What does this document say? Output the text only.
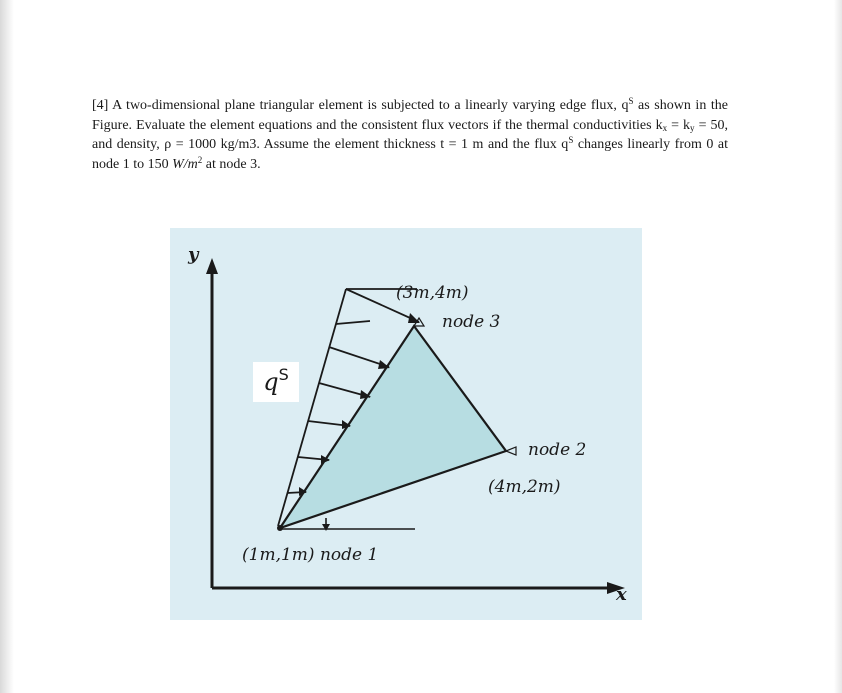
[4] A two-dimensional plane triangular element is subjected to a linearly varying edge flux, $q^S$ as shown in the Figure. Evaluate the element equations and the consistent flux vectors if the thermal conductivities $k_x = k_y = 50$, and density, ρ = 1000 kg/m3. Assume the element thickness t = 1 m and the flux $q^S$ changes linearly from 0 at node 1 to 150 $W/m^2$ at node 3.
y
x
$q^S$
(3m,4m)
node 3
node 2
(4m,2m)
(1m,1m) node 1
